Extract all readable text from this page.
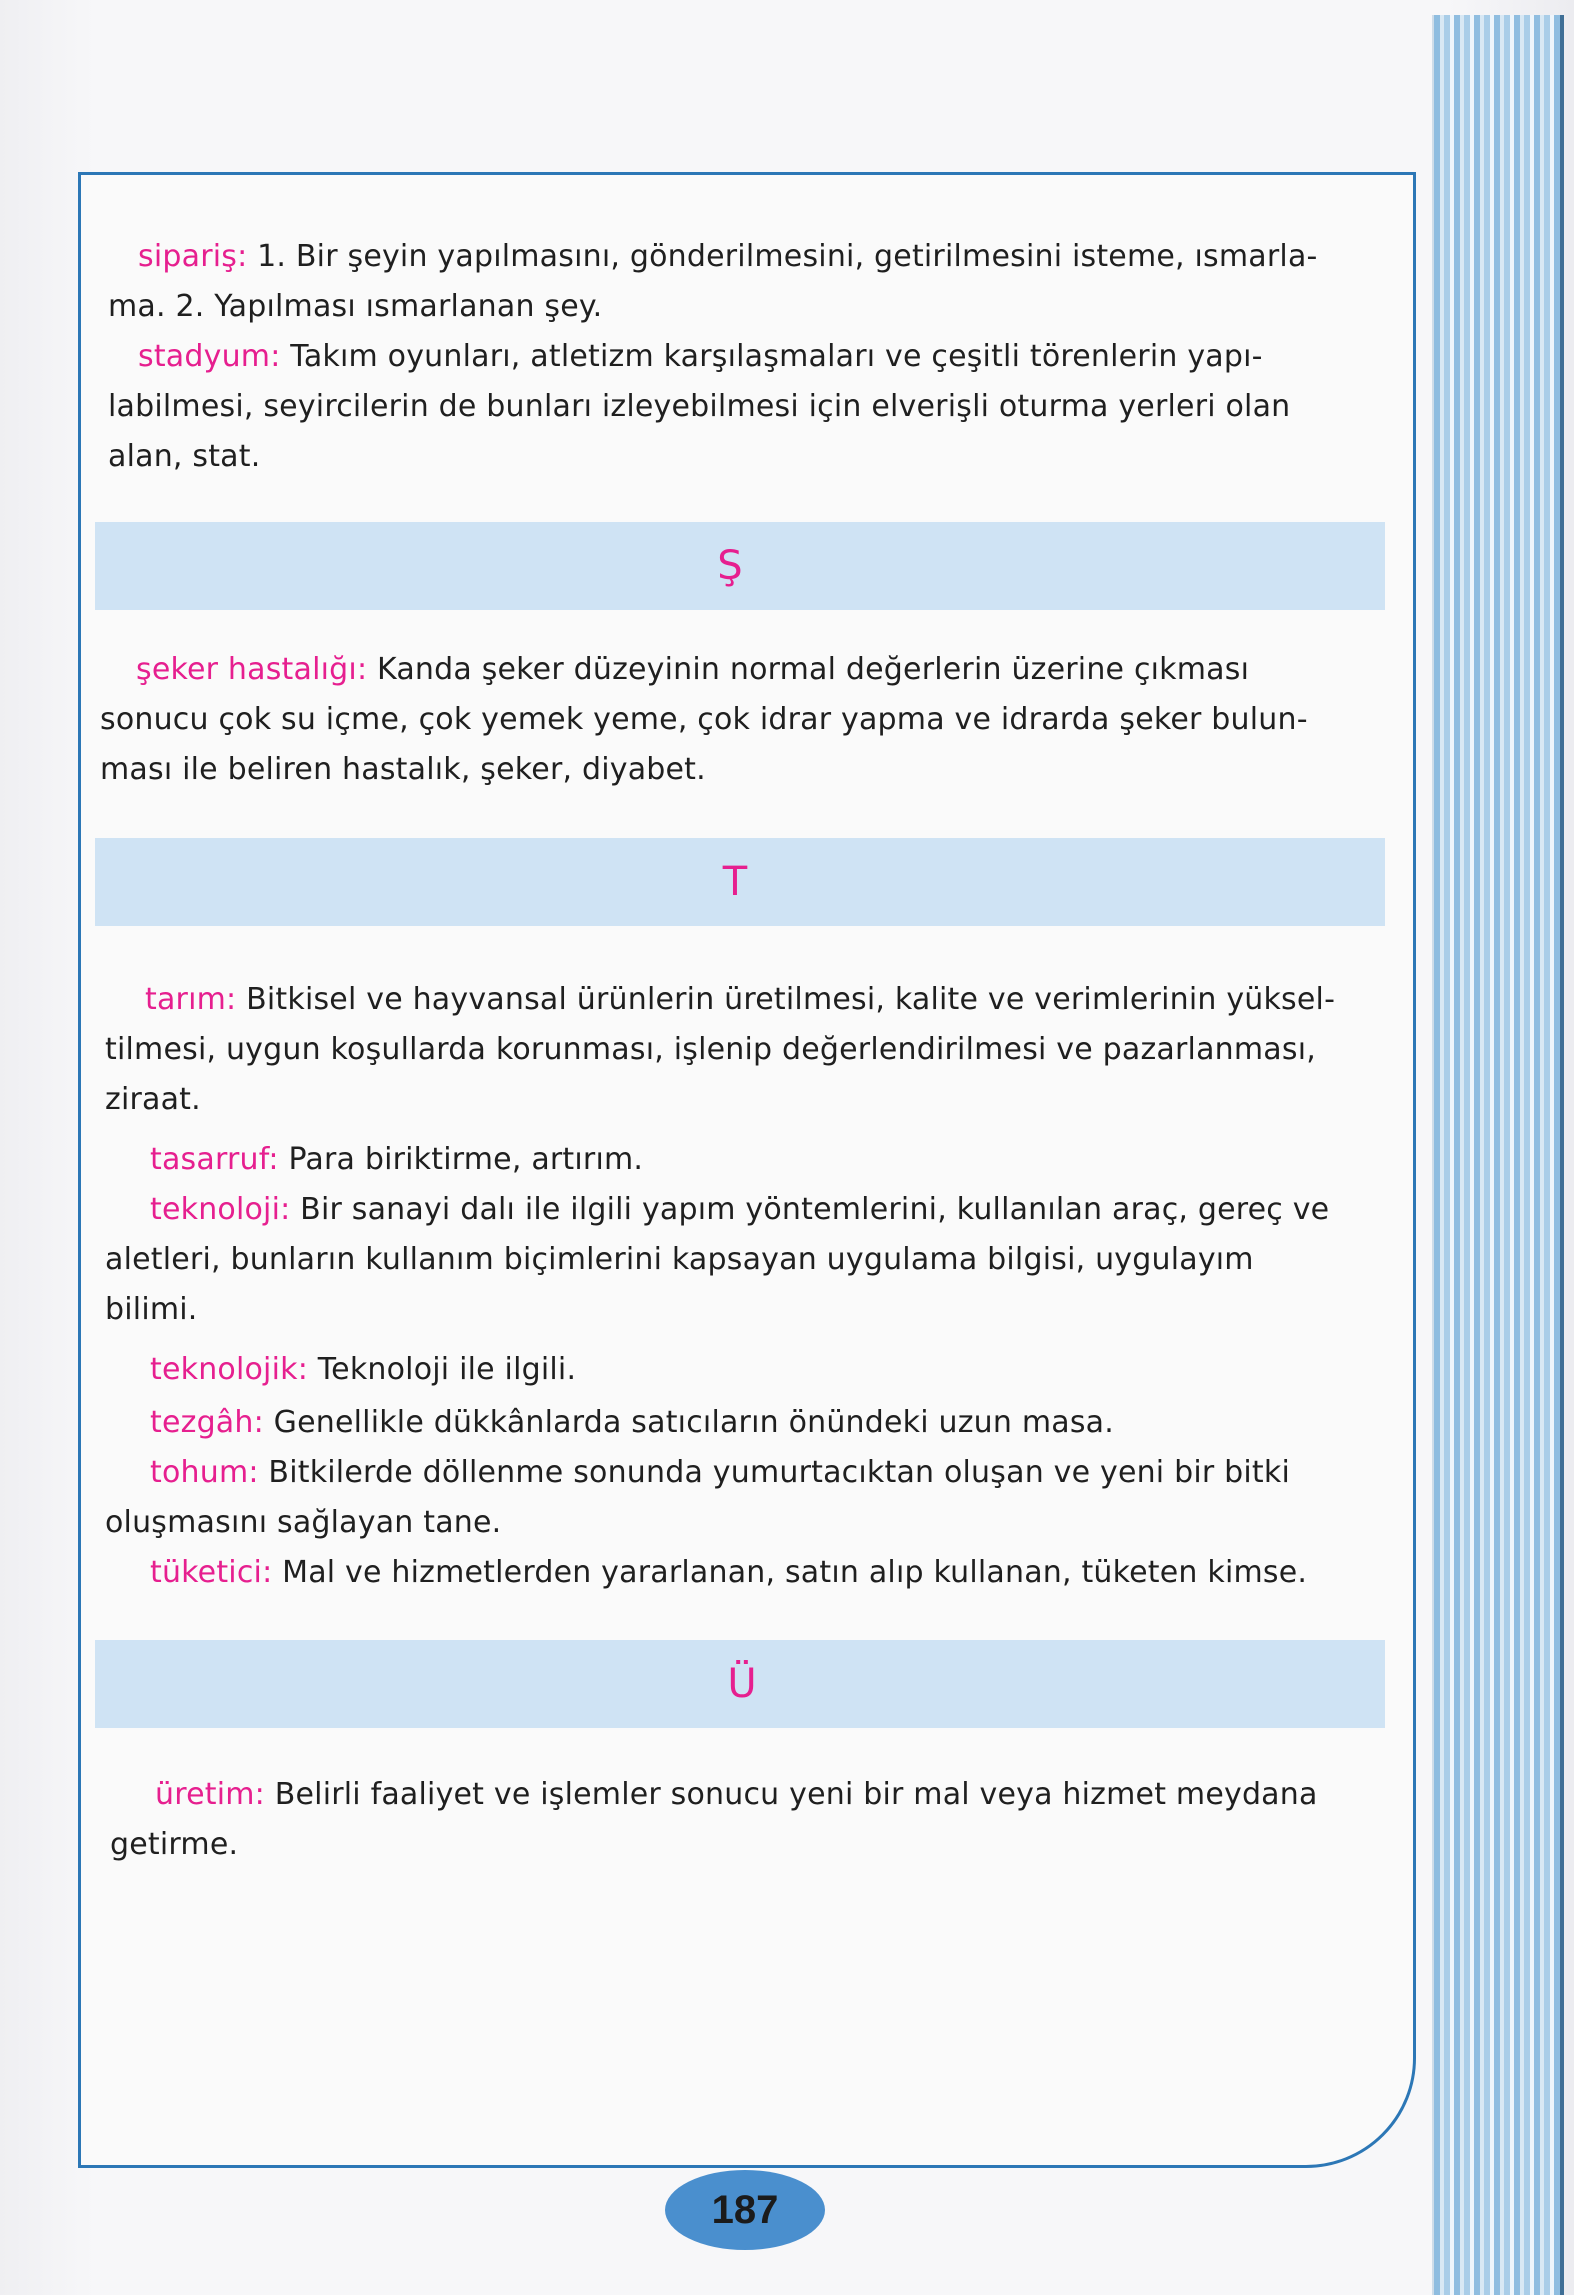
sipariş: 1. Bir şeyin yapılmasını, gönderilmesini, getirilmesini isteme, ısmarla-ma. 2. Yapılması ısmarlanan şey.
stadyum: Takım oyunları, atletizm karşılaşmaları ve çeşitli törenlerin yapı-labilmesi, seyircilerin de bunları izleyebilmesi için elverişli oturma yerleri olan alan, stat.
Ş
şeker hastalığı: Kanda şeker düzeyinin normal değerlerin üzerine çıkması sonucu çok su içme, çok yemek yeme, çok idrar yapma ve idrarda şeker bulun-ması ile beliren hastalık, şeker, diyabet.
T
tarım: Bitkisel ve hayvansal ürünlerin üretilmesi, kalite ve verimlerinin yüksel-tilmesi, uygun koşullarda korunması, işlenip değerlendirilmesi ve pazarlanması, ziraat.
tasarruf: Para biriktirme, artırım.
teknoloji: Bir sanayi dalı ile ilgili yapım yöntemlerini, kullanılan araç, gereç ve aletleri, bunların kullanım biçimlerini kapsayan uygulama bilgisi, uygulayım bilimi.
teknolojik: Teknoloji ile ilgili.
tezgâh: Genellikle dükkânlarda satıcıların önündeki uzun masa.
tohum: Bitkilerde döllenme sonunda yumurtacıktan oluşan ve yeni bir bitki oluşmasını sağlayan tane.
tüketici: Mal ve hizmetlerden yararlanan, satın alıp kullanan, tüketen kimse.
Ü
üretim: Belirli faaliyet ve işlemler sonucu yeni bir mal veya hizmet meydana getirme.
187
